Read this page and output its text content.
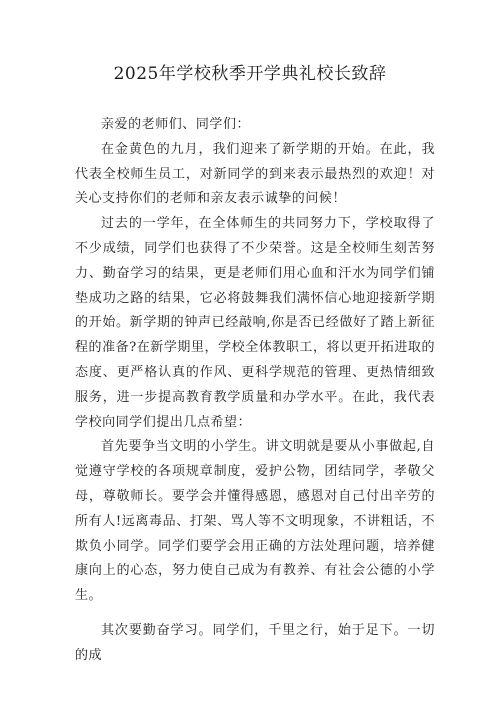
2025年学校秋季开学典礼校长致辞

亲爱的老师们、同学们：

在金黄色的九月，我们迎来了新学期的开始。在此，我代表全校师生员工，对新同学的到来表示最热烈的欢迎！对关心支持你们的老师和亲友表示诚挚的问候！

过去的一学年，在全体师生的共同努力下，学校取得了不少成绩，同学们也获得了不少荣誉。这是全校师生刻苦努力、勤奋学习的结果，更是老师们用心血和汗水为同学们铺垫成功之路的结果，它必将鼓舞我们满怀信心地迎接新学期的开始。新学期的钟声已经敲响,你是否已经做好了踏上新征程的准备?在新学期里，学校全体教职工，将以更开拓进取的态度、更严格认真的作风、更科学规范的管理、更热情细致服务，进一步提高教育教学质量和办学水平。在此，我代表学校向同学们提出几点希望：

首先要争当文明的小学生。讲文明就是要从小事做起,自觉遵守学校的各项规章制度，爱护公物，团结同学，孝敬父母，尊敬师长。要学会并懂得感恩，感恩对自己付出辛劳的所有人!远离毒品、打架、骂人等不文明现象，不讲粗话，不欺负小同学。同学们要学会用正确的方法处理问题，培养健康向上的心态，努力使自己成为有教养、有社会公德的小学生。

其次要勤奋学习。同学们，千里之行，始于足下。一切的成
